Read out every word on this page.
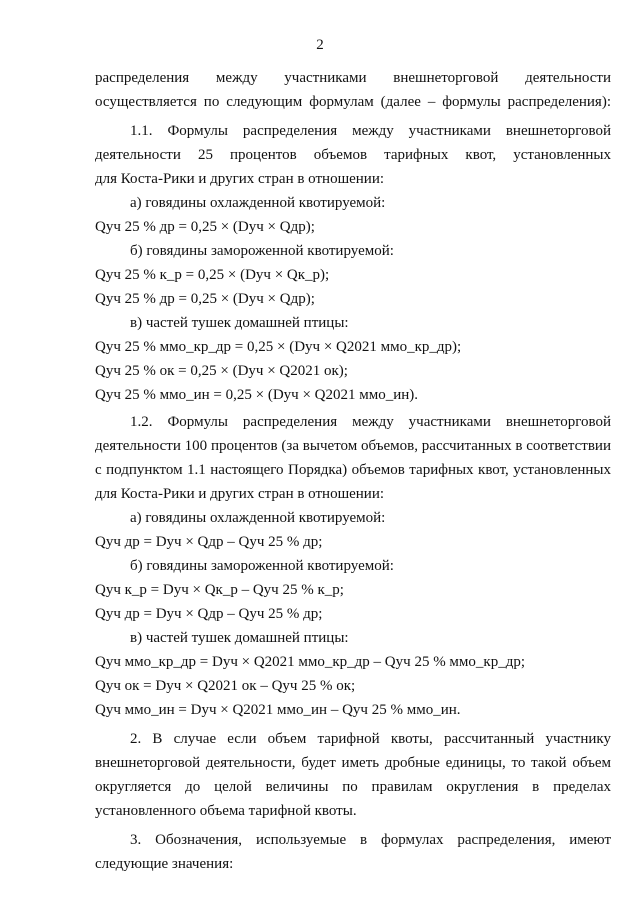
2
распределения между участниками внешнеторговой деятельности
осуществляется по следующим формулам (далее – формулы распределения):
1.1. Формулы распределения между участниками внешнеторговой
деятельности 25 процентов объемов тарифных квот, установленных
для Коста-Рики и других стран в отношении:
а) говядины охлажденной квотируемой:
Qуч 25 % др = 0,25 × (Dуч × Qдр);
б) говядины замороженной квотируемой:
Qуч 25 % к_р = 0,25 × (Dуч × Qк_р);
Qуч 25 % др = 0,25 × (Dуч × Qдр);
в) частей тушек домашней птицы:
Qуч 25 % ммо_кр_др = 0,25 × (Dуч × Q2021 ммо_кр_др);
Qуч 25 % ок = 0,25 × (Dуч × Q2021 ок);
Qуч 25 % ммо_ин = 0,25 × (Dуч × Q2021 ммо_ин).
1.2. Формулы распределения между участниками внешнеторговой
деятельности 100 процентов (за вычетом объемов, рассчитанных в соответствии
с подпунктом 1.1 настоящего Порядка) объемов тарифных квот, установленных
для Коста-Рики и других стран в отношении:
а) говядины охлажденной квотируемой:
Qуч др = Dуч × Qдр – Qуч 25 % др;
б) говядины замороженной квотируемой:
Qуч к_р = Dуч × Qк_р – Qуч 25 % к_р;
Qуч др = Dуч × Qдр – Qуч 25 % др;
в) частей тушек домашней птицы:
Qуч ммо_кр_др = Dуч × Q2021 ммо_кр_др – Qуч 25 % ммо_кр_др;
Qуч ок = Dуч × Q2021 ок – Qуч 25 % ок;
Qуч ммо_ин = Dуч × Q2021 ммо_ин – Qуч 25 % ммо_ин.
2. В случае если объем тарифной квоты, рассчитанный участнику
внешнеторговой деятельности, будет иметь дробные единицы, то такой объем
округляется до целой величины по правилам округления в пределах
установленного объема тарифной квоты.
3. Обозначения, используемые в формулах распределения, имеют
следующие значения:
